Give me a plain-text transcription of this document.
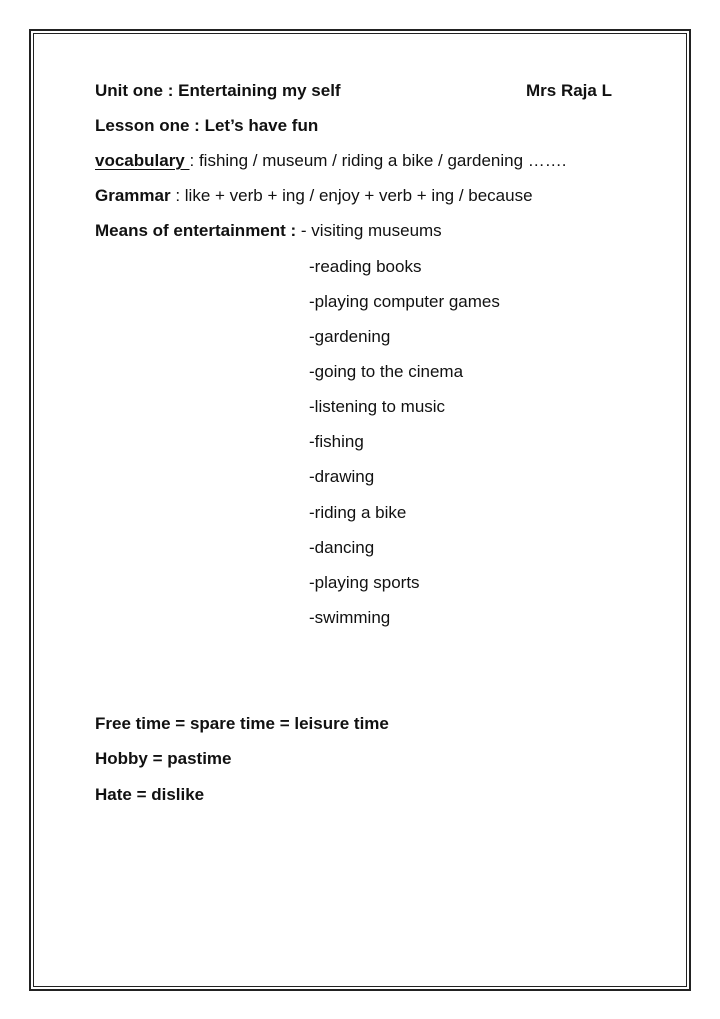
Unit one : Entertaining my self	Mrs Raja L
Lesson one : Let’s have fun
vocabulary : fishing / museum / riding a bike / gardening …….
Grammar : like + verb + ing / enjoy + verb + ing / because
Means of entertainment : - visiting museums
-reading books
-playing computer games
-gardening
-going to the cinema
-listening to music
-fishing
-drawing
-riding a bike
-dancing
-playing sports
-swimming
Free time = spare time = leisure time
Hobby = pastime
Hate = dislike
